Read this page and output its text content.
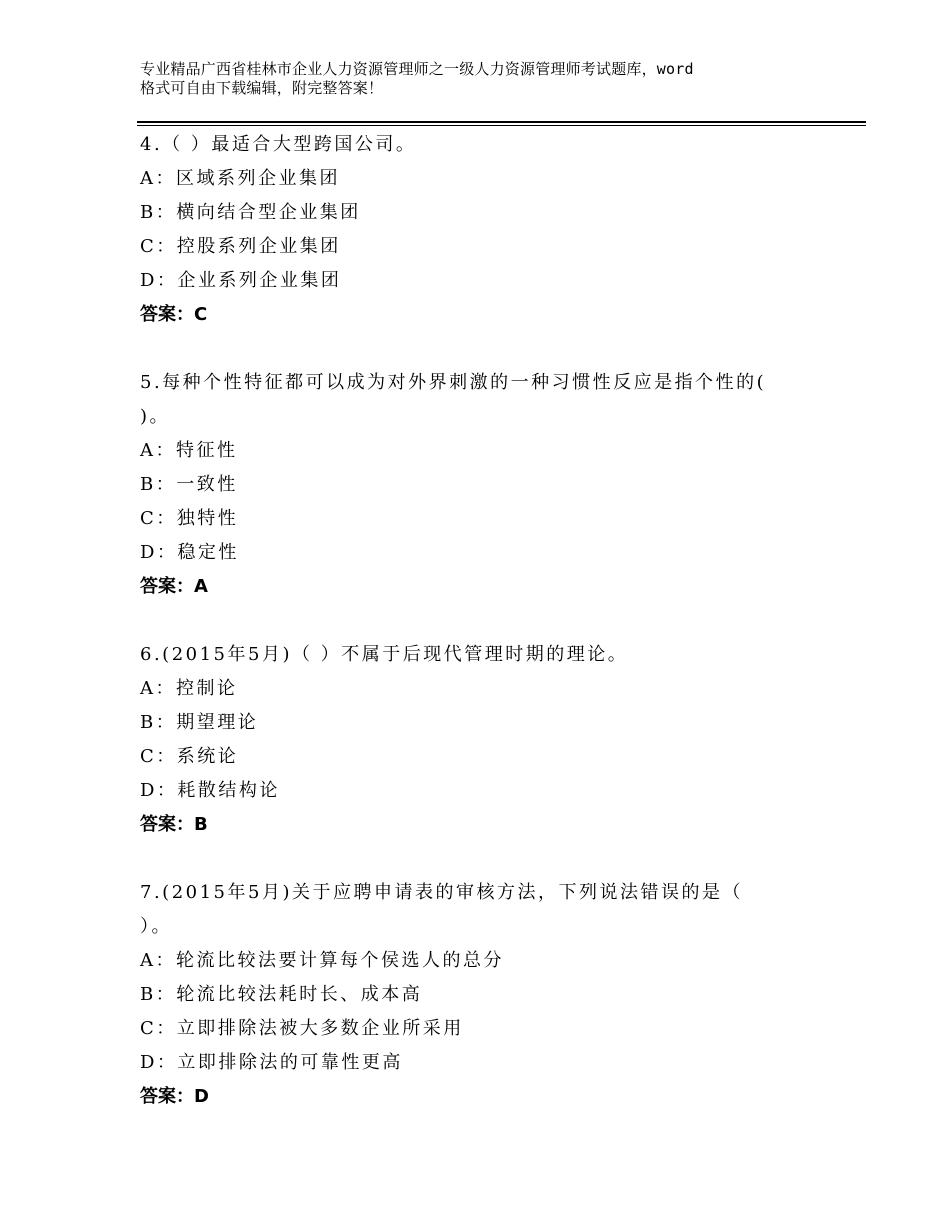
专业精品广西省桂林市企业人力资源管理师之一级人力资源管理师考试题库，word
格式可自由下载编辑，附完整答案！
4.（ ）最适合大型跨国公司。
A：区域系列企业集团
B：横向结合型企业集团
C：控股系列企业集团
D：企业系列企业集团
答案：C
5.每种个性特征都可以成为对外界刺激的一种习惯性反应是指个性的(
)。
A：特征性
B：一致性
C：独特性
D：稳定性
答案：A
6.(2015年5月)（ ）不属于后现代管理时期的理论。
A：控制论
B：期望理论
C：系统论
D：耗散结构论
答案：B
7.(2015年5月)关于应聘申请表的审核方法，下列说法错误的是（
）。
A：轮流比较法要计算每个侯选人的总分
B：轮流比较法耗时长、成本高
C：立即排除法被大多数企业所采用
D：立即排除法的可靠性更高
答案：D
